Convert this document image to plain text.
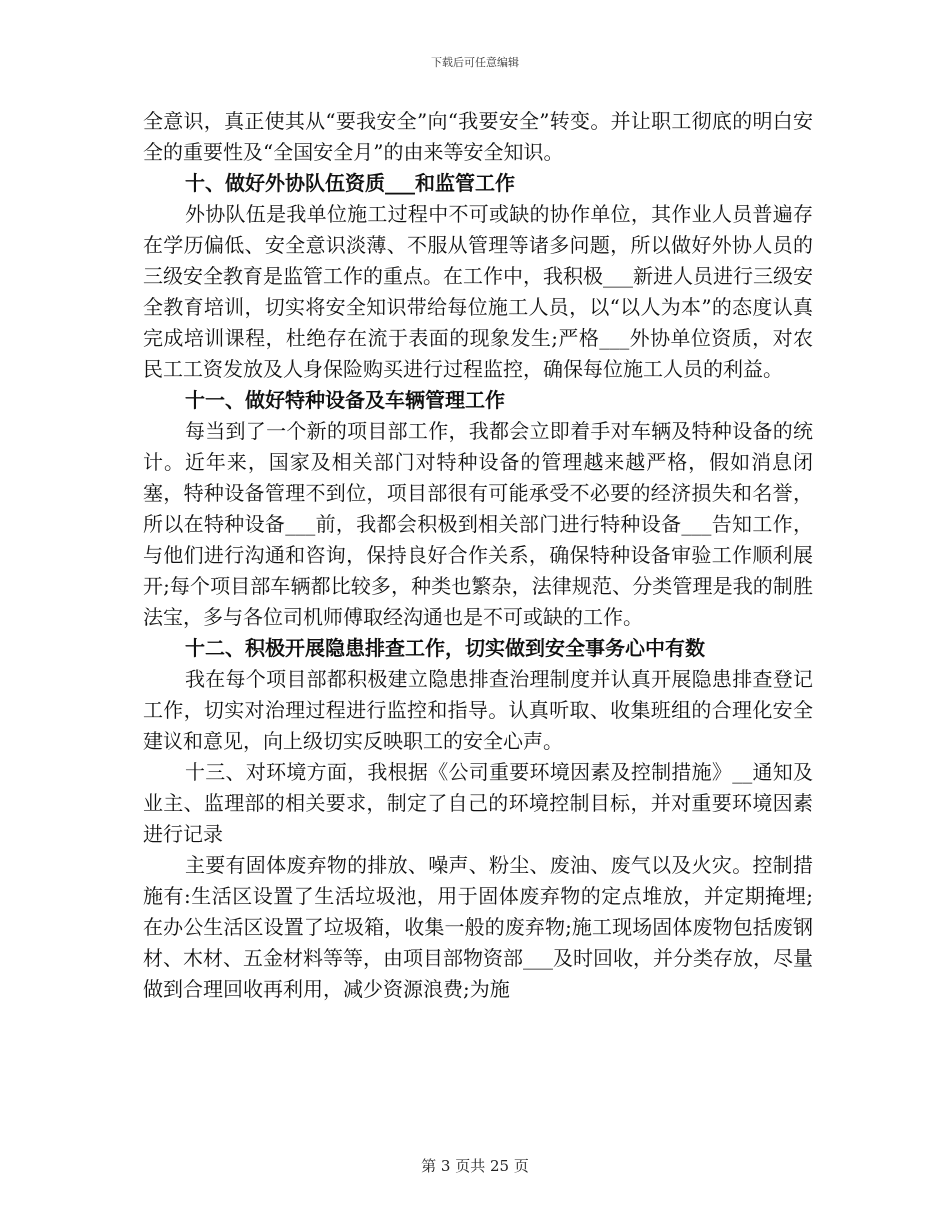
下载后可任意编辑

全意识，真正使其从“要我安全”向“我要安全”转变。并让职工彻底的明白安全的重要性及“全国安全月”的由来等安全知识。

十、做好外协队伍资质___和监管工作

外协队伍是我单位施工过程中不可或缺的协作单位，其作业人员普遍存在学历偏低、安全意识淡薄、不服从管理等诸多问题，所以做好外协人员的三级安全教育是监管工作的重点。在工作中，我积极___新进人员进行三级安全教育培训，切实将安全知识带给每位施工人员，以“以人为本”的态度认真完成培训课程，杜绝存在流于表面的现象发生;严格___外协单位资质，对农民工工资发放及人身保险购买进行过程监控，确保每位施工人员的利益。

十一、做好特种设备及车辆管理工作

每当到了一个新的项目部工作，我都会立即着手对车辆及特种设备的统计。近年来，国家及相关部门对特种设备的管理越来越严格，假如消息闭塞，特种设备管理不到位，项目部很有可能承受不必要的经济损失和名誉，所以在特种设备___前，我都会积极到相关部门进行特种设备___告知工作，与他们进行沟通和咨询，保持良好合作关系，确保特种设备审验工作顺利展开;每个项目部车辆都比较多，种类也繁杂，法律规范、分类管理是我的制胜法宝，多与各位司机师傅取经沟通也是不可或缺的工作。

十二、积极开展隐患排查工作，切实做到安全事务心中有数

我在每个项目部都积极建立隐患排查治理制度并认真开展隐患排查登记工作，切实对治理过程进行监控和指导。认真听取、收集班组的合理化安全建议和意见，向上级切实反映职工的安全心声。

十三、对环境方面，我根据《公司重要环境因素及控制措施》__通知及业主、监理部的相关要求，制定了自己的环境控制目标，并对重要环境因素进行记录

主要有固体废弃物的排放、噪声、粉尘、废油、废气以及火灾。控制措施有:生活区设置了生活垃圾池，用于固体废弃物的定点堆放，并定期掩埋;在办公生活区设置了垃圾箱，收集一般的废弃物;施工现场固体废物包括废钢材、木材、五金材料等等，由项目部物资部___及时回收，并分类存放，尽量做到合理回收再利用，减少资源浪费;为施

第 3 页共 25 页
